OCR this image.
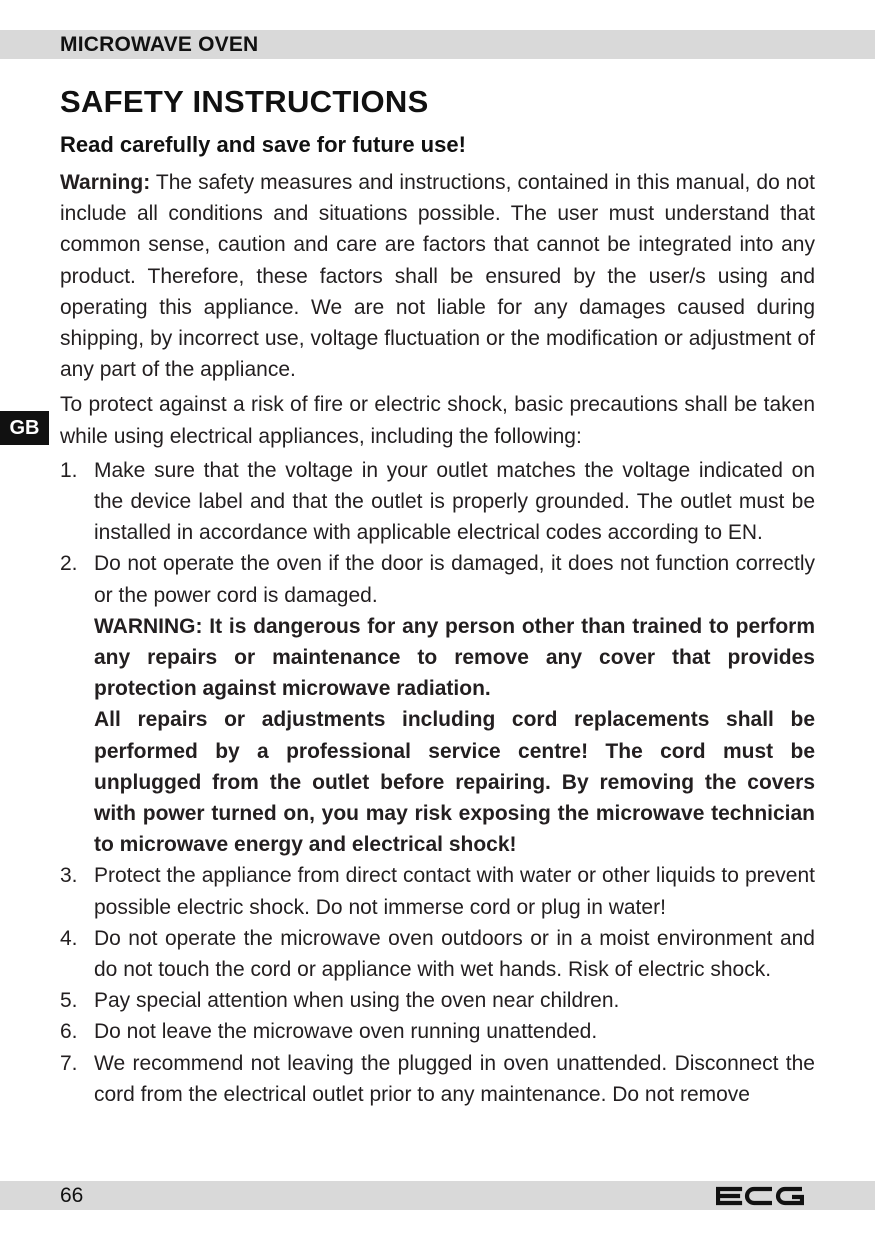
MICROWAVE OVEN
GB
SAFETY INSTRUCTIONS
Read carefully and save for future use!

Warning: The safety measures and instructions, contained in this manual, do not include all conditions and situations possible. The user must understand that common sense, caution and care are factors that cannot be integrated into any product. Therefore, these factors shall be ensured by the user/s using and operating this appliance. We are not liable for any damages caused during shipping, by incorrect use, voltage fluctuation or the modification or adjustment of any part of the appliance.

To protect against a risk of fire or electric shock, basic precautions shall be taken while using electrical appliances, including the following:

1. Make sure that the voltage in your outlet matches the voltage indicated on the device label and that the outlet is properly grounded. The outlet must be installed in accordance with applicable electrical codes according to EN.
2. Do not operate the oven if the door is damaged, it does not function correctly or the power cord is damaged.
WARNING: It is dangerous for any person other than trained to perform any repairs or maintenance to remove any cover that provides protection against microwave radiation.
All repairs or adjustments including cord replacements shall be performed by a professional service centre! The cord must be unplugged from the outlet before repairing. By removing the covers with power turned on, you may risk exposing the microwave technician to microwave energy and electrical shock!
3. Protect the appliance from direct contact with water or other liquids to prevent possible electric shock. Do not immerse cord or plug in water!
4. Do not operate the microwave oven outdoors or in a moist environment and do not touch the cord or appliance with wet hands. Risk of electric shock.
5. Pay special attention when using the oven near children.
6. Do not leave the microwave oven running unattended.
7. We recommend not leaving the plugged in oven unattended. Disconnect the cord from the electrical outlet prior to any maintenance. Do not remove
66
